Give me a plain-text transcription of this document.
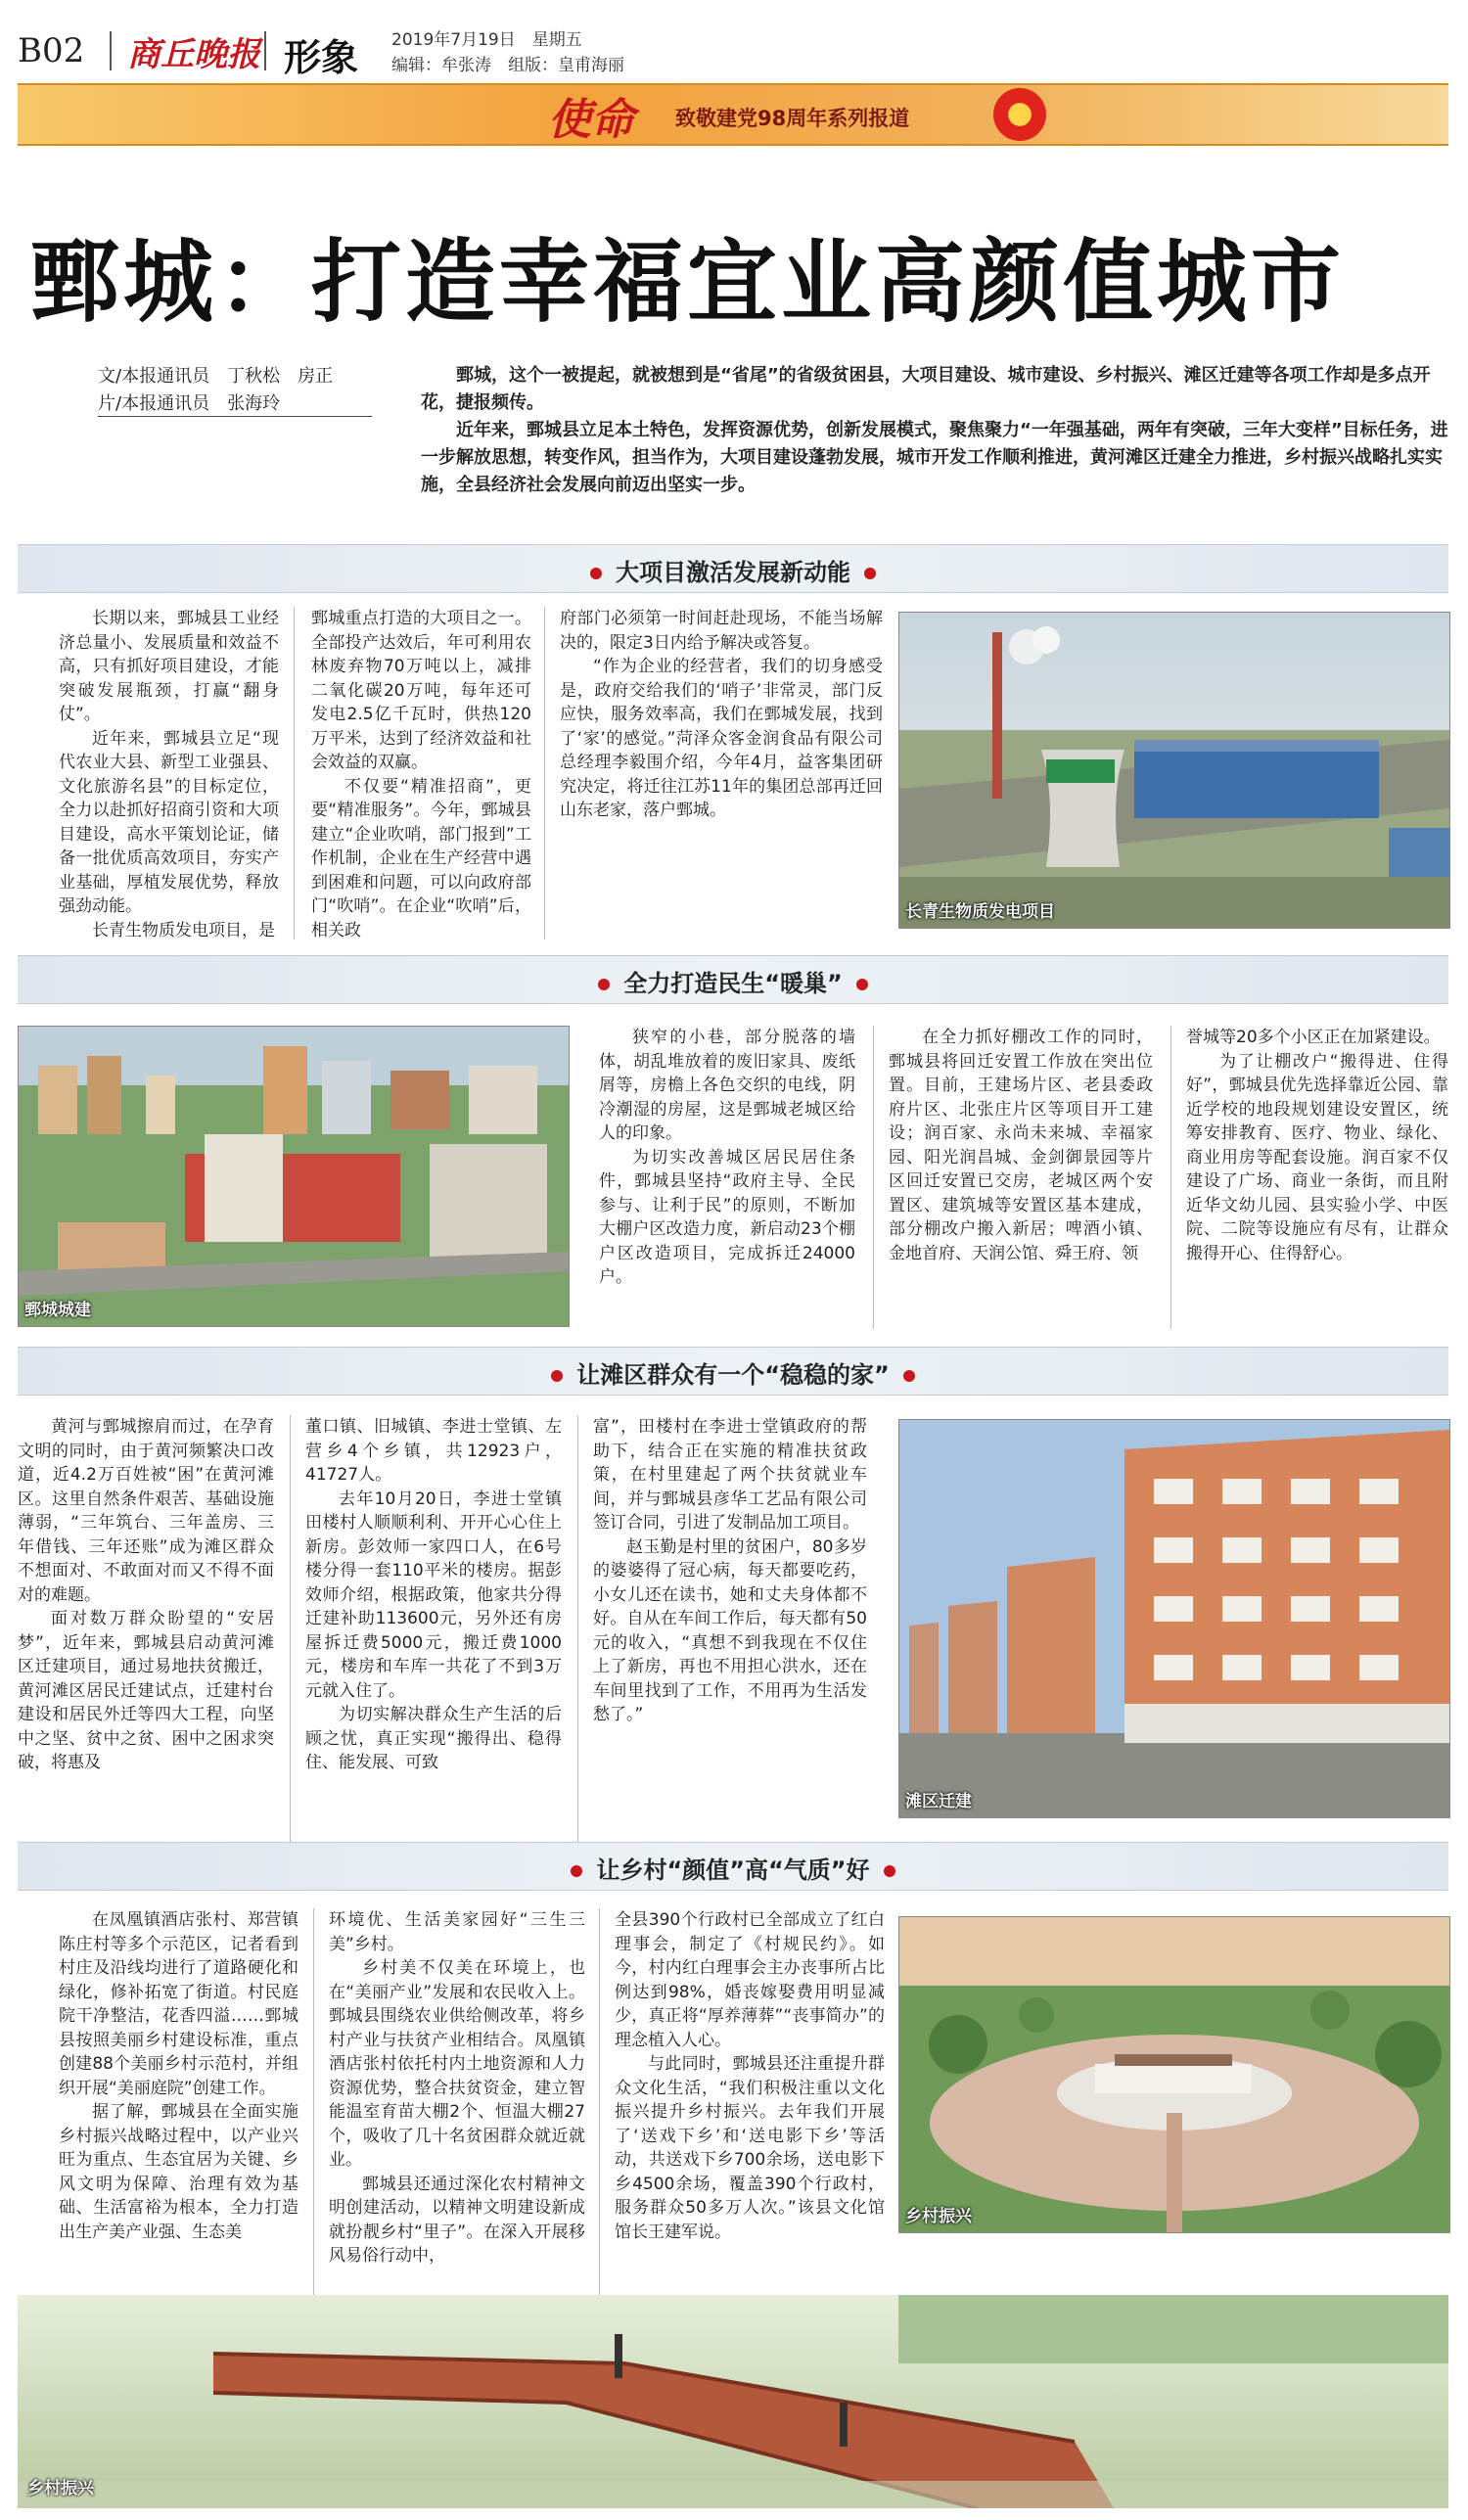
B02 商丘晚报 形象 2019年7月19日　星期五
编辑：牟张涛　组版：皇甫海丽
使命 致敬建党98周年系列报道
鄄城：打造幸福宜业高颜值城市
文/本报通讯员　丁秋松　房正
片/本报通讯员　张海玲

鄄城，这个一被提起，就被想到是“省尾”的省级贫困县，大项目建设、城市建设、乡村振兴、滩区迁建等各项工作却是多点开花，捷报频传。

近年来，鄄城县立足本土特色，发挥资源优势，创新发展模式，聚焦聚力“一年强基础，两年有突破，三年大变样”目标任务，进一步解放思想，转变作风，担当作为，大项目建设蓬勃发展，城市开发工作顺利推进，黄河滩区迁建全力推进，乡村振兴战略扎实实施，全县经济社会发展向前迈出坚实一步。

大项目激活发展新动能

长期以来，鄄城县工业经济总量小、发展质量和效益不高，只有抓好项目建设，才能突破发展瓶颈，打赢“翻身仗”。

近年来，鄄城县立足“现代农业大县、新型工业强县、文化旅游名县”的目标定位，全力以赴抓好招商引资和大项目建设，高水平策划论证，储备一批优质高效项目，夯实产业基础，厚植发展优势，释放强劲动能。

长青生物质发电项目，是

鄄城重点打造的大项目之一。全部投产达效后，年可利用农林废弃物70万吨以上，减排二氧化碳20万吨，每年还可发电2.5亿千瓦时，供热120万平米，达到了经济效益和社会效益的双赢。

不仅要“精准招商”，更要“精准服务”。今年，鄄城县建立“企业吹哨，部门报到”工作机制，企业在生产经营中遇到困难和问题，可以向政府部门“吹哨”。在企业“吹哨”后，相关政

府部门必须第一时间赶赴现场，不能当场解决的，限定3日内给予解决或答复。

“作为企业的经营者，我们的切身感受是，政府交给我们的‘哨子’非常灵，部门反应快，服务效率高，我们在鄄城发展，找到了‘家’的感觉。”菏泽众客金润食品有限公司总经理李毅围介绍，今年4月，益客集团研究决定，将迁往江苏11年的集团总部再迁回山东老家，落户鄄城。

长青生物质发电项目
全力打造民生“暖巢”
鄄城城建

狭窄的小巷，部分脱落的墙体，胡乱堆放着的废旧家具、废纸屑等，房檐上各色交织的电线，阴冷潮湿的房屋，这是鄄城老城区给人的印象。

为切实改善城区居民居住条件，鄄城县坚持“政府主导、全民参与、让利于民”的原则，不断加大棚户区改造力度，新启动23个棚户区改造项目，完成拆迁24000户。

在全力抓好棚改工作的同时，鄄城县将回迁安置工作放在突出位置。目前，王建场片区、老县委政府片区、北张庄片区等项目开工建设；润百家、永尚未来城、幸福家园、阳光润昌城、金剑御景园等片区回迁安置已交房，老城区两个安置区、建筑城等安置区基本建成，部分棚改户搬入新居；啤酒小镇、金地首府、天润公馆、舜王府、领

誉城等20多个小区正在加紧建设。

为了让棚改户“搬得进、住得好”，鄄城县优先选择靠近公园、靠近学校的地段规划建设安置区，统筹安排教育、医疗、物业、绿化、商业用房等配套设施。润百家不仅建设了广场、商业一条街，而且附近华文幼儿园、县实验小学、中医院、二院等设施应有尽有，让群众搬得开心、住得舒心。

让滩区群众有一个“稳稳的家”

黄河与鄄城擦肩而过，在孕育文明的同时，由于黄河频繁决口改道，近4.2万百姓被“困”在黄河滩区。这里自然条件艰苦、基础设施薄弱，“三年筑台、三年盖房、三年借钱、三年还账”成为滩区群众不想面对、不敢面对而又不得不面对的难题。

面对数万群众盼望的“安居梦”，近年来，鄄城县启动黄河滩区迁建项目，通过易地扶贫搬迁，黄河滩区居民迁建试点，迁建村台建设和居民外迁等四大工程，向坚中之坚、贫中之贫、困中之困求突破，将惠及

董口镇、旧城镇、李进士堂镇、左营乡4个乡镇，共12923户，41727人。

去年10月20日，李进士堂镇田楼村人顺顺利利、开开心心住上新房。彭效师一家四口人，在6号楼分得一套110平米的楼房。据彭效师介绍，根据政策，他家共分得迁建补助113600元，另外还有房屋拆迁费5000元，搬迁费1000元，楼房和车库一共花了不到3万元就入住了。

为切实解决群众生产生活的后顾之忧，真正实现“搬得出、稳得住、能发展、可致

富”，田楼村在李进士堂镇政府的帮助下，结合正在实施的精准扶贫政策，在村里建起了两个扶贫就业车间，并与鄄城县彦华工艺品有限公司签订合同，引进了发制品加工项目。

赵玉勤是村里的贫困户，80多岁的婆婆得了冠心病，每天都要吃药，小女儿还在读书，她和丈夫身体都不好。自从在车间工作后，每天都有50元的收入，“真想不到我现在不仅住上了新房，再也不用担心洪水，还在车间里找到了工作，不用再为生活发愁了。”

滩区迁建
让乡村“颜值”高“气质”好

在凤凰镇酒店张村、郑营镇陈庄村等多个示范区，记者看到村庄及沿线均进行了道路硬化和绿化，修补拓宽了街道。村民庭院干净整洁，花香四溢……鄄城县按照美丽乡村建设标准，重点创建88个美丽乡村示范村，并组织开展“美丽庭院”创建工作。

据了解，鄄城县在全面实施乡村振兴战略过程中，以产业兴旺为重点、生态宜居为关键、乡风文明为保障、治理有效为基础、生活富裕为根本，全力打造出生产美产业强、生态美

环境优、生活美家园好“三生三美”乡村。

乡村美不仅美在环境上，也在“美丽产业”发展和农民收入上。鄄城县围绕农业供给侧改革，将乡村产业与扶贫产业相结合。凤凰镇酒店张村依托村内土地资源和人力资源优势，整合扶贫资金，建立智能温室育苗大棚2个、恒温大棚27个，吸收了几十名贫困群众就近就业。

鄄城县还通过深化农村精神文明创建活动，以精神文明建设新成就扮靓乡村“里子”。在深入开展移风易俗行动中，

全县390个行政村已全部成立了红白理事会，制定了《村规民约》。如今，村内红白理事会主办丧事所占比例达到98%，婚丧嫁娶费用明显减少，真正将“厚养薄葬”“丧事简办”的理念植入人心。

与此同时，鄄城县还注重提升群众文化生活，“我们积极注重以文化振兴提升乡村振兴。去年我们开展了‘送戏下乡’和‘送电影下乡’等活动，共送戏下乡700余场，送电影下乡4500余场，覆盖390个行政村，服务群众50多万人次。”该县文化馆馆长王建军说。

乡村振兴
乡村振兴
